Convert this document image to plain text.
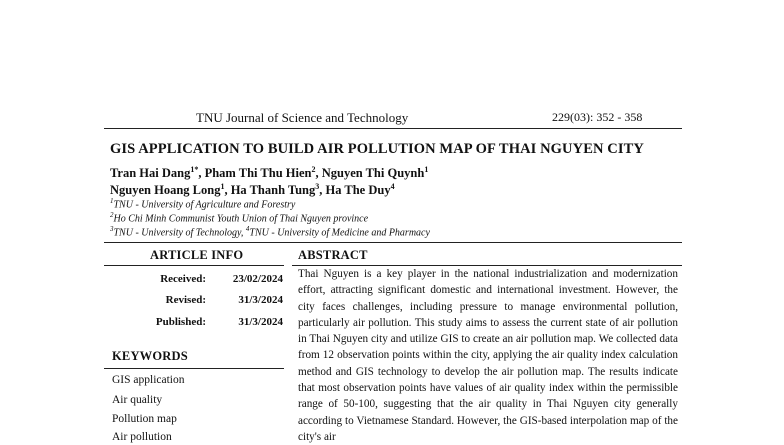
TNU Journal of Science and Technology	229(03): 352 - 358
GIS APPLICATION TO BUILD AIR POLLUTION MAP OF THAI NGUYEN CITY
Tran Hai Dang$^{1*}$, Pham Thi Thu Hien$^2$, Nguyen Thi Quynh$^1$
Nguyen Hoang Long$^1$, Ha Thanh Tung$^3$, Ha The Duy$^4$
$^1$TNU - University of Agriculture and Forestry
$^2$Ho Chi Minh Communist Youth Union of Thai Nguyen province
$^3$TNU - University of Technology, $^4$TNU - University of Medicine and Pharmacy
ARTICLE INFO
Received:	23/02/2024
Revised:	31/3/2024
Published:	31/3/2024
KEYWORDS
GIS application
Air quality
Pollution map
Air pollution
ABSTRACT
Thai Nguyen is a key player in the national industrialization and modernization effort, attracting significant domestic and international investment. However, the city faces challenges, including pressure to manage environmental pollution, particularly air pollution. This study aims to assess the current state of air pollution in Thai Nguyen city and utilize GIS to create an air pollution map. We collected data from 12 observation points within the city, applying the air quality index calculation method and GIS technology to develop the air pollution map. The results indicate that most observation points have values of air quality index within the permissible range of 50-100, suggesting that the air quality in Thai Nguyen city generally according to Vietnamese Standard. However, the GIS-based interpolation map of the city's air
